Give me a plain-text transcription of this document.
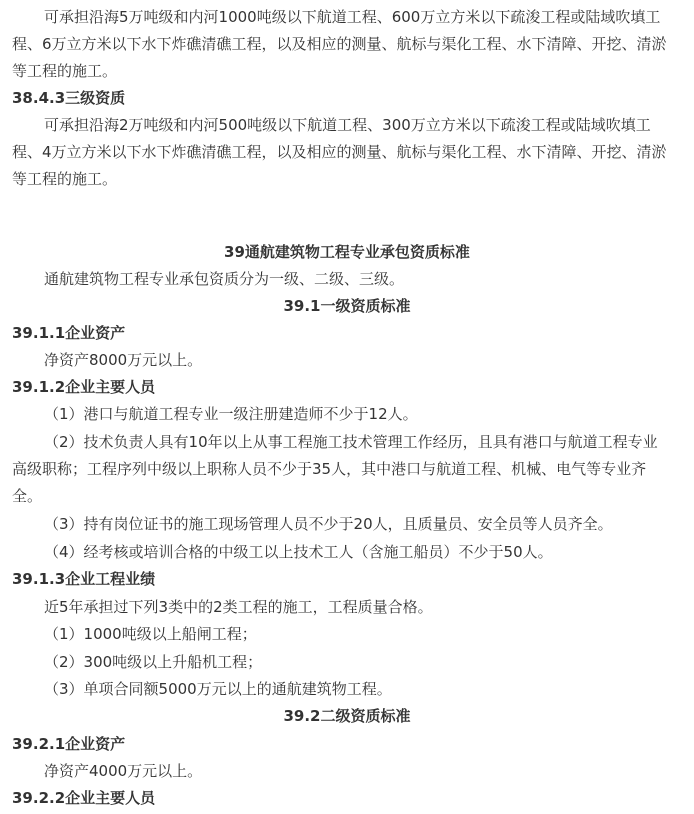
可承担沿海5万吨级和内河1000吨级以下航道工程、600万立方米以下疏浚工程或陆域吹填工
程、6万立方米以下水下炸礁清礁工程，以及相应的测量、航标与渠化工程、水下清障、开挖、清淤
等工程的施工。
38.4.3三级资质
可承担沿海2万吨级和内河500吨级以下航道工程、300万立方米以下疏浚工程或陆域吹填工
程、4万立方米以下水下炸礁清礁工程，以及相应的测量、航标与渠化工程、水下清障、开挖、清淤
等工程的施工。
39通航建筑物工程专业承包资质标准
通航建筑物工程专业承包资质分为一级、二级、三级。
39.1一级资质标准
39.1.1企业资产
净资产8000万元以上。
39.1.2企业主要人员
（1）港口与航道工程专业一级注册建造师不少于12人。
（2）技术负责人具有10年以上从事工程施工技术管理工作经历，且具有港口与航道工程专业
高级职称；工程序列中级以上职称人员不少于35人，其中港口与航道工程、机械、电气等专业齐
全。
（3）持有岗位证书的施工现场管理人员不少于20人，且质量员、安全员等人员齐全。
（4）经考核或培训合格的中级工以上技术工人（含施工船员）不少于50人。
39.1.3企业工程业绩
近5年承担过下列3类中的2类工程的施工，工程质量合格。
（1）1000吨级以上船闸工程；
（2）300吨级以上升船机工程；
（3）单项合同额5000万元以上的通航建筑物工程。
39.2二级资质标准
39.2.1企业资产
净资产4000万元以上。
39.2.2企业主要人员
